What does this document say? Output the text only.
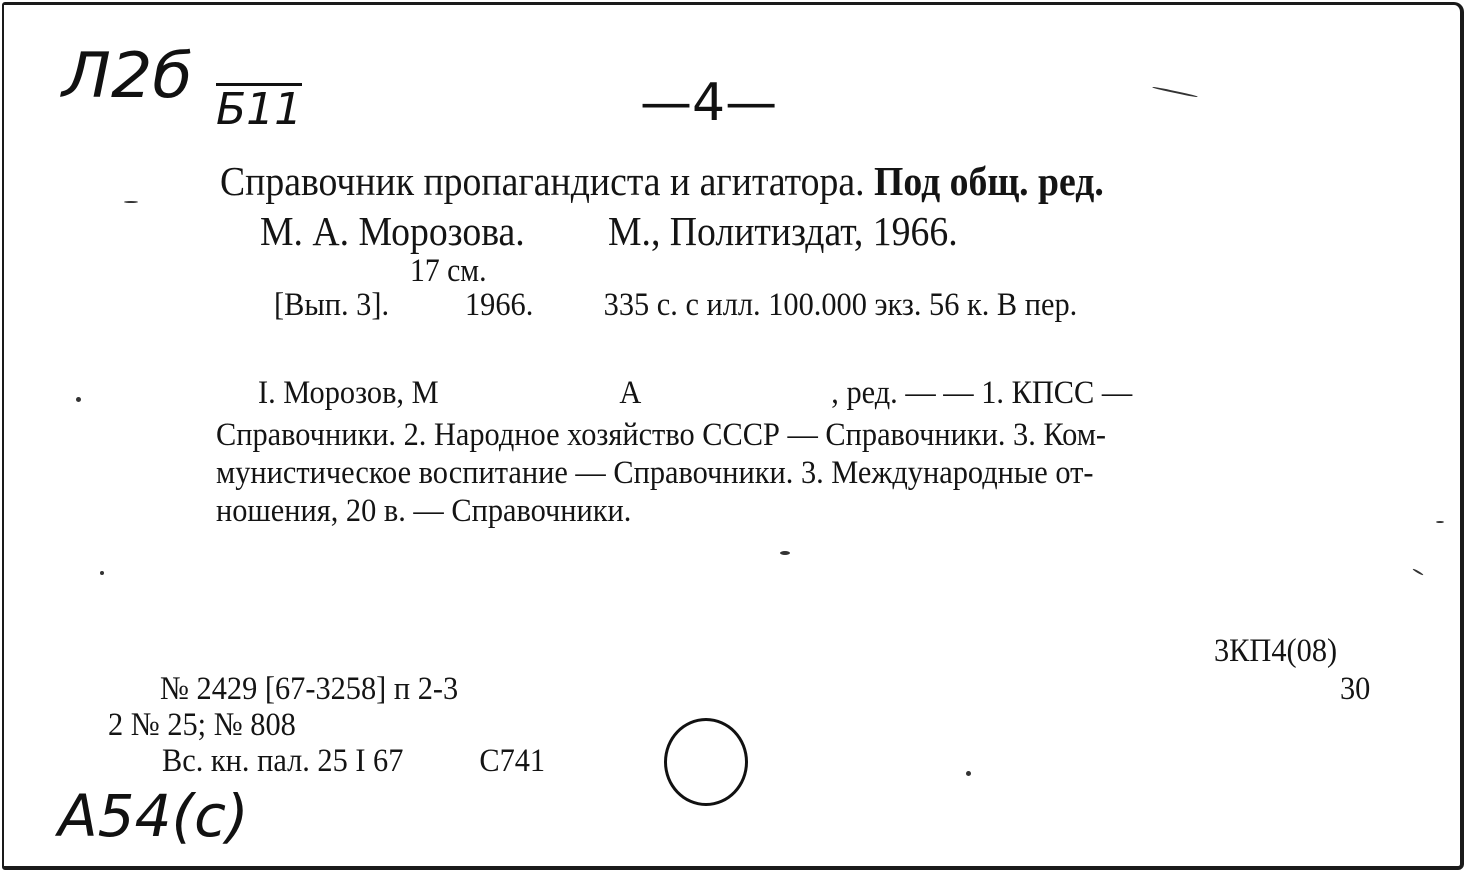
Л2б Б11	—4—
А54(с)
Справочник пропагандиста и агитатора. Под общ. ред.
М. А. Морозова. М., Политиздат, 1966.
17 см.
[Вып. 3]. 1966. 335 с. с илл. 100.000 экз. 56 к. В пер.
I. Морозов, М	А	, ред. — — 1. КПСС —
Справочники. 2. Народное хозяйство СССР — Справочники. 3. Ком-
мунистическое воспитание — Справочники. 3. Международные от-
ношения, 20 в. — Справочники.
3КП4(08)
30
№ 2429 [67-3258] п 2-3
2 № 25; № 808
Вс. кн. пал. 25 I 67 С741
